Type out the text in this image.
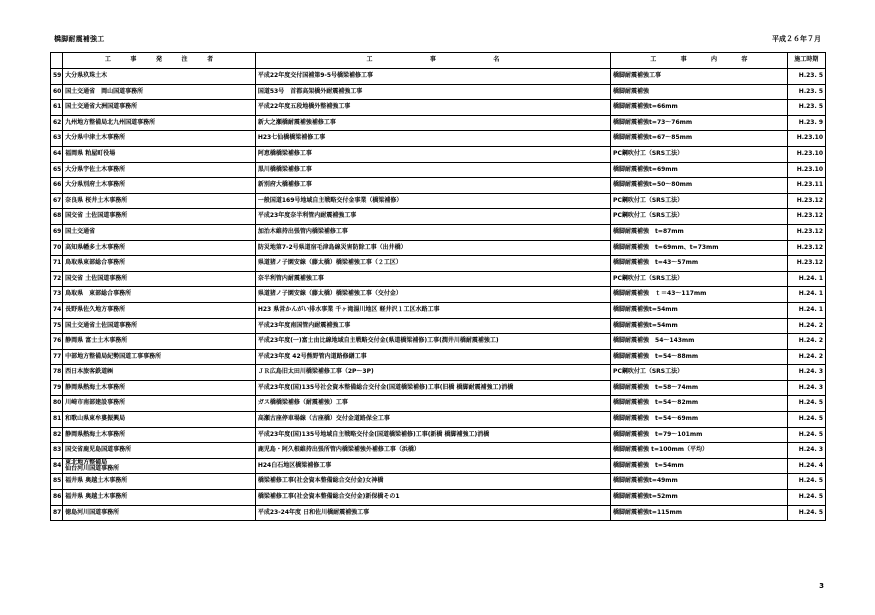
橋脚耐震補強工	平成２６年７月

	工 事 発 注 者	工 事 名	工 事 内 容	施工時期
59	大分県玖珠土木	平成22年度交付国補第9-5号橋梁補修工事	橋脚耐震補強工事	H.23. 5
60	国土交通省　岡山国道事務所	国道53号　首都高架橋外耐震補強工事	橋脚耐震補強	H.23. 5
61	国土交通省大洲国道事務所	平成22年度五段地橋外整補強工事	橋脚耐震補強t=66mm	H.23. 5
62	九州地方整備局北九州国道事務所	新大之瀬橋耐震補強補修工事	橋脚耐震補強t=73～76mm	H.23. 9
63	大分県中津土木事務所	H23七仙橋橋梁補修工事	橋脚耐震補強t=67～85mm	H.23.10
64	福岡県 粕屋町役場	阿恵橋橋梁補修工事	PC鋼吹付工（SRS工法）	H.23.10
65	大分県宇佐土木事務所	黒川橋橋梁補修工事	橋脚耐震補強t=69mm	H.23.10
66	大分県別府土木事務所	新別府大橋補修工事	橋脚耐震補強t=50～80mm	H.23.11
67	奈良県 桜井土木事務所	一般国道169号地域自主戦略交付金事業（橋梁補修）	PC鋼吹付工（SRS工法）	H.23.12
68	国交省 土佐国道事務所	平成23年度奈半利管内耐震補強工事	PC鋼吹付工（SRS工法）	H.23.12
69	国土交通省	加治木維持出張管内橋梁補修工事	橋脚耐震補強　t=87mm	H.23.12
70	高知県幡多土木事務所	防災地第7-2号県道宿毛津島線災害防除工事（出井橋）	橋脚耐震補強　t=69mm、t=73mm	H.23.12
71	鳥取県東部総合事務所	県道猪ノ子園安線（藤太橋）橋梁補強工事（２工区）	橋脚耐震補強　t=43～57mm	H.23.12
72	国交省 土佐国道事務所	奈半利管内耐震補強工事	PC鋼吹付工（SRS工法）	H.24. 1
73	鳥取県　東部総合事務所	県道猪ノ子園安線（藤太橋）橋梁補強工事（交付金）	橋脚耐震補強　ｔ＝43～117mm	H.24. 1
74	長野県佐久地方事務所	H23 県営かんがい排水事業 千ヶ滝湯川地区 軽井沢１工区水路工事	橋脚耐震補強t=54mm	H.24. 1
75	国土交通省土佐国道事務所	平成23年度南国管内耐震補強工事	橋脚耐震補強t=54mm	H.24. 2
76	静岡県 富士土木事務所	平成23年度(一)富士由比線地域自主戦略交付金(県道橋梁補修)工事(潤井川橋耐震補強工)	橋脚耐震補強　54～143mm	H.24. 2
77	中部地方整備局紀勢国道工事事務所	平成23年度 42号熊野管内道路修繕工事	橋脚耐震補強　t=54～88mm	H.24. 2
78	西日本旅客鉄道㈱	ＪＲ広島旧太田川橋梁補修工事（2P～3P)	PC鋼吹付工（SRS工法）	H.24. 3
79	静岡県熱海土木事務所	平成23年度(国)135号社会資本整備総合交付金(国道橋梁補修)工事(旧橋 橋脚耐震補強工)消橋	橋脚耐震補強　t=58～74mm	H.24. 3
80	川崎市南部建設事務所	ガス橋橋梁補修（耐震補強）工事	橋脚耐震補強　t=54～82mm	H.24. 5
81	和歌山県東牟婁振興局	高瀬古座停車場線（古座橋）交付金道路保全工事	橋脚耐震補強　t=54～69mm	H.24. 5
82	静岡県熱海土木事務所	平成23年度(国)135号地域自主戦略交付金(国道橋梁補修)工事(新橋 橋脚補強工)消橋	橋脚耐震補強　t=79～101mm	H.24. 5
83	国交省鹿児島国道事務所	鹿児島・阿久根維持出張所管内橋梁補強外補修工事（浜橋）	橋脚耐震補強 t=100mm（平均）	H.24. 3
84	東北地方整備局
仙台河川国道事務所	H24白石地区橋梁補修工事	橋脚耐震補強　t=54mm	H.24. 4
85	福井県 奥越土木事務所	橋梁補修工事(社会資本整備総合交付金)女神橋	橋脚耐震補強t=49mm	H.24. 5
86	福井県 奥越土木事務所	橋梁補修工事(社会資本整備総合交付金)新保橋その1	橋脚耐震補強t=52mm	H.24. 5
87	徳島河川国道事務所	平成23-24年度 日和佐川橋耐震補強工事	橋脚耐震補強t=115mm	H.24. 5
3
